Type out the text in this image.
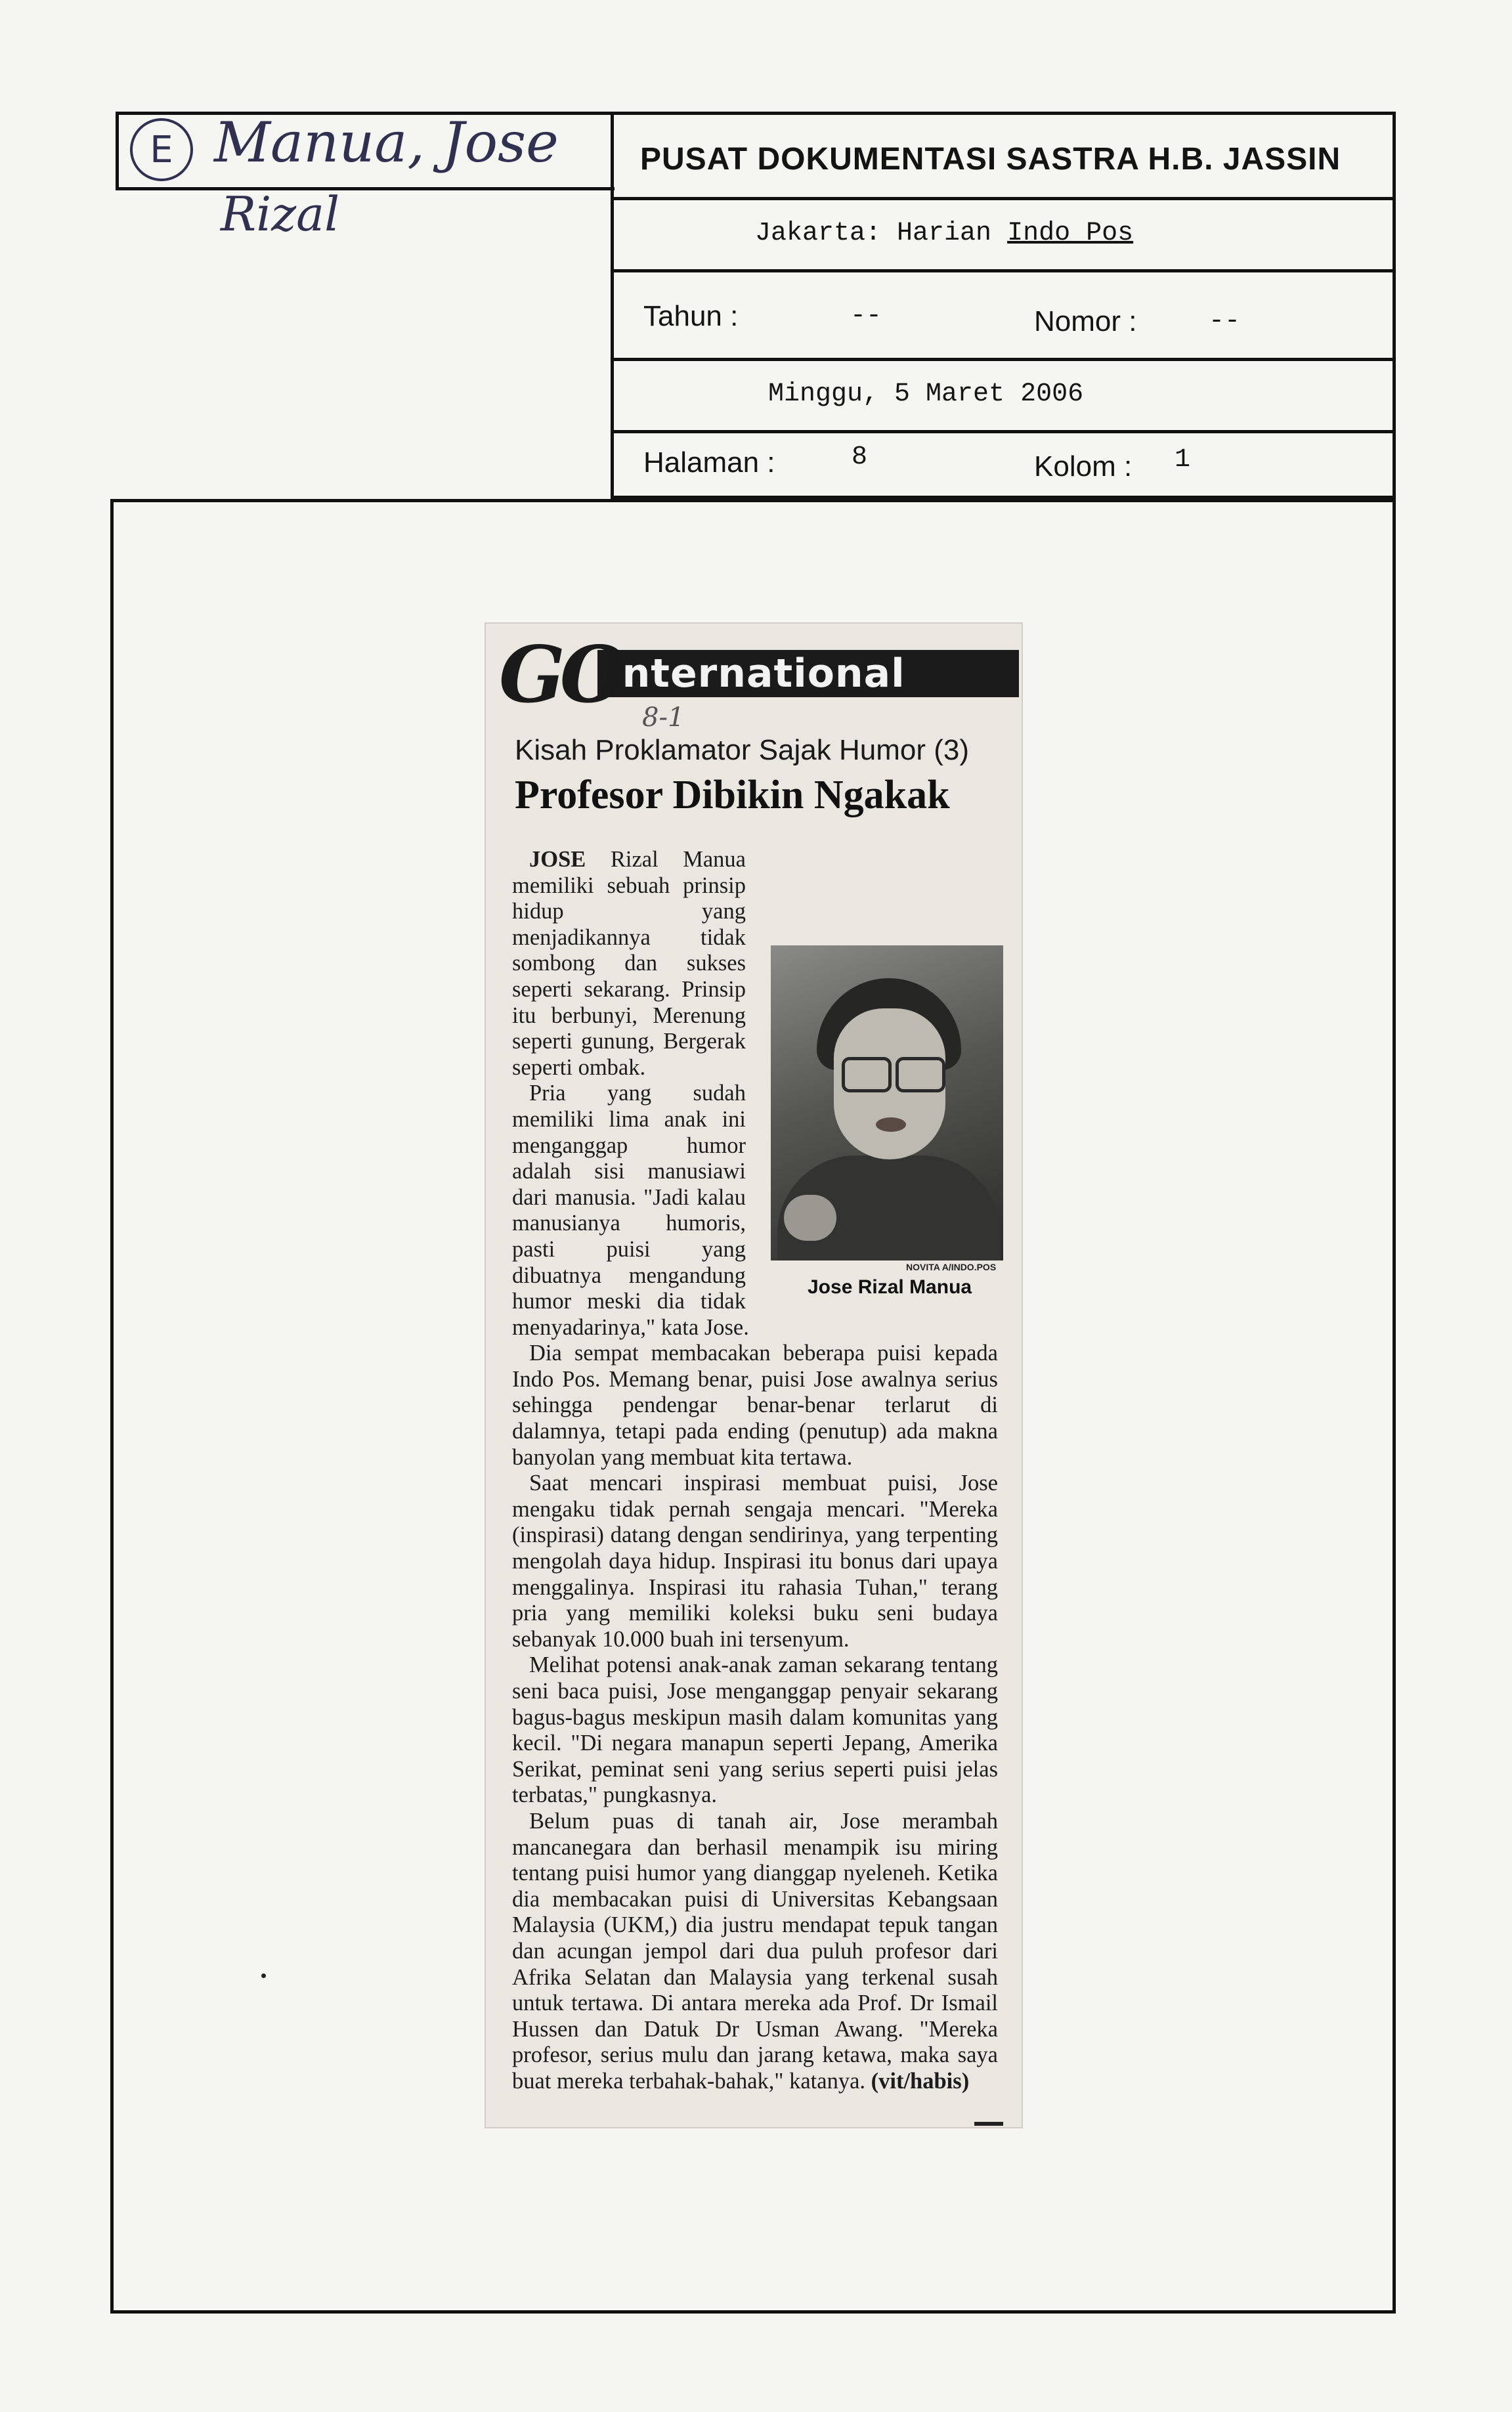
E Manua, Jose
Rizal
PUSAT DOKUMENTASI SASTRA H.B. JASSIN
Jakarta: Harian Indo Pos
Tahun :	--	Nomor :	--
Minggu, 5 Maret 2006
Halaman :	8	Kolom : 1
international
GO 8-1
Kisah Proklamator Sajak Humor (3)
Profesor Dibikin Ngakak
NOVITA A/INDO.POS
Jose Rizal Manua

JOSE Rizal Manua memiliki sebuah prinsip hidup yang menjadikannya tidak sombong dan sukses seperti sekarang. Prinsip itu berbunyi, Merenung seperti gunung, Bergerak seperti ombak.

Pria yang sudah memiliki lima anak ini menganggap humor adalah sisi manusiawi dari manusia. "Jadi kalau manusianya humoris, pasti puisi yang dibuatnya mengandung humor meski dia tidak menyadarinya," kata Jose.

Dia sempat membacakan beberapa puisi kepada Indo Pos. Memang benar, puisi Jose awalnya serius sehingga pendengar benar-benar terlarut di dalamnya, tetapi pada ending (penutup) ada makna banyolan yang membuat kita tertawa.

Saat mencari inspirasi membuat puisi, Jose mengaku tidak pernah sengaja mencari. "Mereka (inspirasi) datang dengan sendirinya, yang terpenting mengolah daya hidup. Inspirasi itu bonus dari upaya menggalinya. Inspirasi itu rahasia Tuhan," terang pria yang memiliki koleksi buku seni budaya sebanyak 10.000 buah ini tersenyum.

Melihat potensi anak-anak zaman sekarang tentang seni baca puisi, Jose menganggap penyair sekarang bagus-bagus meskipun masih dalam komunitas yang kecil. "Di negara manapun seperti Jepang, Amerika Serikat, peminat seni yang serius seperti puisi jelas terbatas," pungkasnya.

Belum puas di tanah air, Jose merambah mancanegara dan berhasil menampik isu miring tentang puisi humor yang dianggap nyeleneh. Ketika dia membacakan puisi di Universitas Kebangsaan Malaysia (UKM,) dia justru mendapat tepuk tangan dan acungan jempol dari dua puluh profesor dari Afrika Selatan dan Malaysia yang terkenal susah untuk tertawa. Di antara mereka ada Prof. Dr Ismail Hussen dan Datuk Dr Usman Awang. "Mereka profesor, serius mulu dan jarang ketawa, maka saya buat mereka terbahak-bahak," katanya. (vit/habis)
